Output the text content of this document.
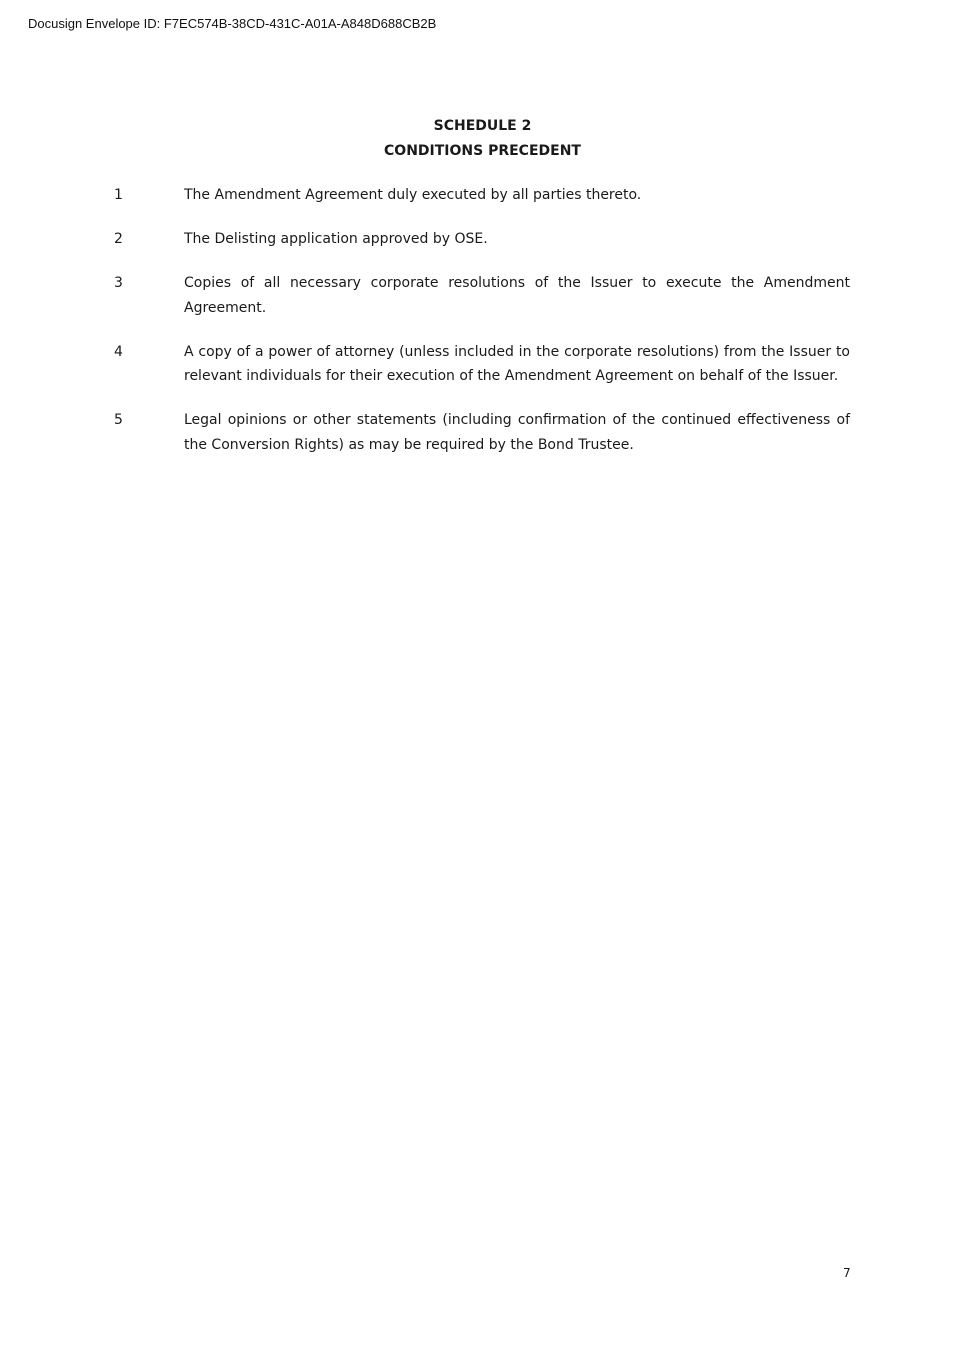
Docusign Envelope ID: F7EC574B-38CD-431C-A01A-A848D688CB2B
SCHEDULE 2
CONDITIONS PRECEDENT
1	The Amendment Agreement duly executed by all parties thereto.
2	The Delisting application approved by OSE.
3	Copies of all necessary corporate resolutions of the Issuer to execute the Amendment Agreement.
4	A copy of a power of attorney (unless included in the corporate resolutions) from the Issuer to relevant individuals for their execution of the Amendment Agreement on behalf of the Issuer.
5	Legal opinions or other statements (including confirmation of the continued effectiveness of the Conversion Rights) as may be required by the Bond Trustee.
7
